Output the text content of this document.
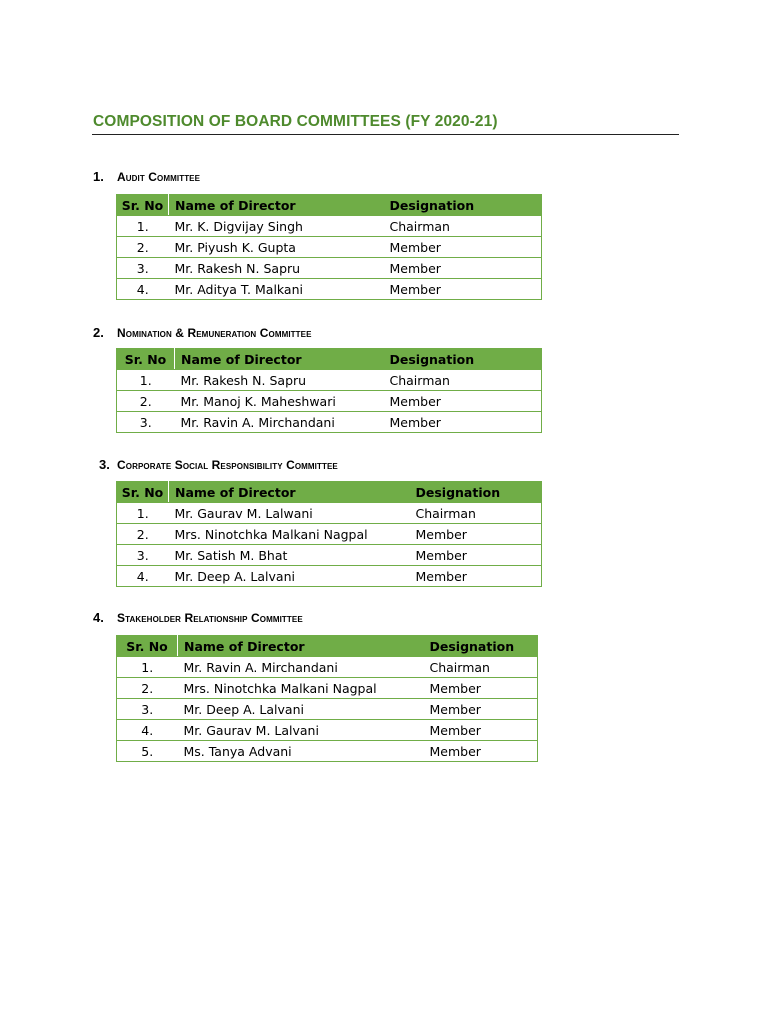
COMPOSITION OF BOARD COMMITTEES (FY 2020-21)
1.	Audit Committee
Sr. No	Name of Director	Designation
1.	Mr. K. Digvijay Singh	Chairman
2.	Mr. Piyush K. Gupta	Member
3.	Mr. Rakesh N. Sapru	Member
4.	Mr. Aditya T. Malkani	Member
2.	Nomination & Remuneration Committee
Sr. No	Name of Director	Designation
1.	Mr. Rakesh N. Sapru	Chairman
2.	Mr. Manoj K. Maheshwari	Member
3.	Mr. Ravin A. Mirchandani	Member
3. Corporate Social Responsibility Committee
Sr. No	Name of Director	Designation
1.	Mr. Gaurav M. Lalwani	Chairman
2.	Mrs. Ninotchka Malkani Nagpal	Member
3.	Mr. Satish M. Bhat	Member
4.	Mr. Deep A. Lalvani	Member
4.	Stakeholder Relationship Committee
Sr. No	Name of Director	Designation
1.	Mr. Ravin A. Mirchandani	Chairman
2.	Mrs. Ninotchka Malkani Nagpal	Member
3.	Mr. Deep A. Lalvani	Member
4.	Mr. Gaurav M. Lalvani	Member
5.	Ms. Tanya Advani	Member
